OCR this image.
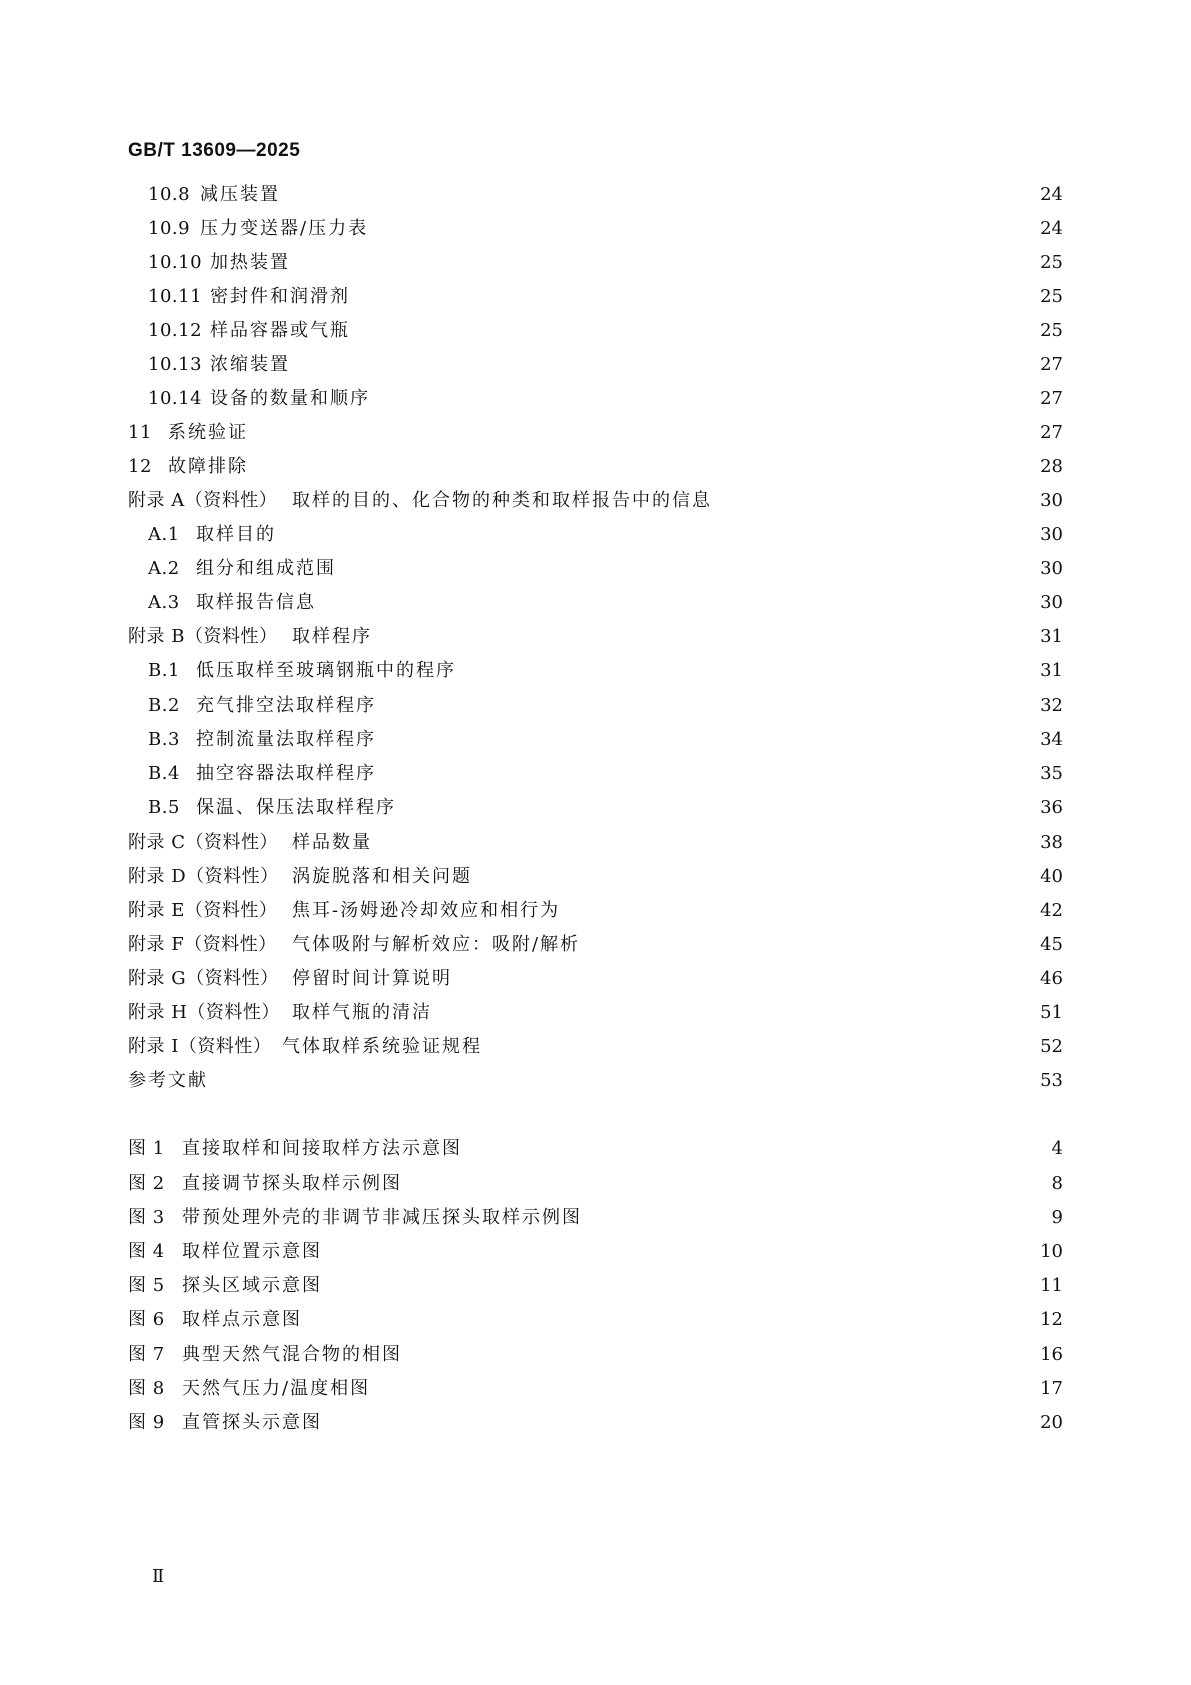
GB/T 13609—2025
10.8 减压装置	24
10.9 压力变送器/压力表	24
10.10 加热装置	25
10.11 密封件和润滑剂	25
10.12 样品容器或气瓶	25
10.13 浓缩装置	27
10.14 设备的数量和顺序	27
11 系统验证	27
12 故障排除	28
附录 A（资料性） 取样的目的、化合物的种类和取样报告中的信息	30
A.1 取样目的	30
A.2 组分和组成范围	30
A.3 取样报告信息	30
附录 B（资料性） 取样程序	31
B.1 低压取样至玻璃钢瓶中的程序	31
B.2 充气排空法取样程序	32
B.3 控制流量法取样程序	34
B.4 抽空容器法取样程序	35
B.5 保温、保压法取样程序	36
附录 C（资料性） 样品数量	38
附录 D（资料性） 涡旋脱落和相关问题	40
附录 E（资料性） 焦耳-汤姆逊冷却效应和相行为	42
附录 F（资料性） 气体吸附与解析效应：吸附/解析	45
附录 G（资料性） 停留时间计算说明	46
附录 H（资料性） 取样气瓶的清洁	51
附录 I（资料性） 气体取样系统验证规程	52
参考文献	53
图 1 直接取样和间接取样方法示意图	4
图 2 直接调节探头取样示例图	8
图 3 带预处理外壳的非调节非减压探头取样示例图	9
图 4 取样位置示意图	10
图 5 探头区域示意图	11
图 6 取样点示意图	12
图 7 典型天然气混合物的相图	16
图 8 天然气压力/温度相图	17
图 9 直管探头示意图	20
Ⅱ
